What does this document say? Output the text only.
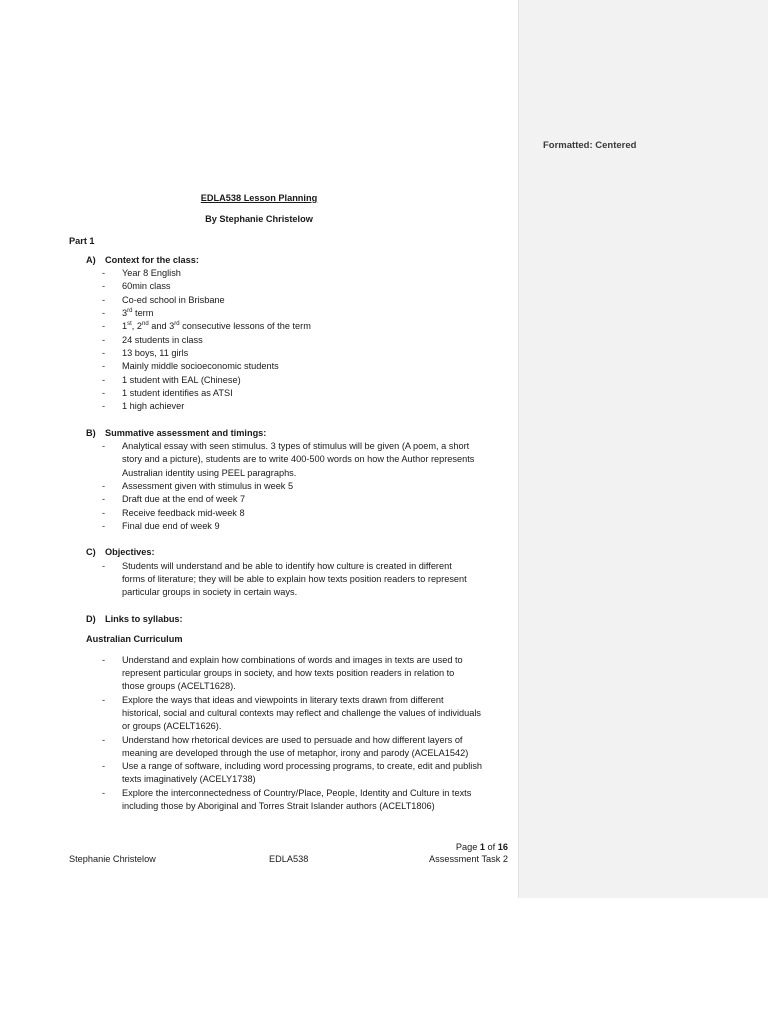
EDLA538 Lesson Planning
By Stephanie Christelow
Part 1
A) Context for the class:
- Year 8 English
- 60min class
- Co-ed school in Brisbane
- 3rd term
- 1st, 2nd and 3rd consecutive lessons of the term
- 24 students in class
- 13 boys, 11 girls
- Mainly middle socioeconomic students
- 1 student with EAL (Chinese)
- 1 student identifies as ATSI
- 1 high achiever
B) Summative assessment and timings:
- Analytical essay with seen stimulus. 3 types of stimulus will be given (A poem, a short
story and a picture), students are to write 400-500 words on how the Author represents
Australian identity using PEEL paragraphs.
- Assessment given with stimulus in week 5
- Draft due at the end of week 7
- Receive feedback mid-week 8
- Final due end of week 9
C) Objectives:
- Students will understand and be able to identify how culture is created in different
forms of literature; they will be able to explain how texts position readers to represent
particular groups in society in certain ways.
D) Links to syllabus:
Australian Curriculum
- Understand and explain how combinations of words and images in texts are used to
represent particular groups in society, and how texts position readers in relation to
those groups (ACELT1628).
- Explore the ways that ideas and viewpoints in literary texts drawn from different
historical, social and cultural contexts may reflect and challenge the values of individuals
or groups (ACELT1626).
- Understand how rhetorical devices are used to persuade and how different layers of
meaning are developed through the use of metaphor, irony and parody (ACELA1542)
- Use a range of software, including word processing programs, to create, edit and publish
texts imaginatively (ACELY1738)
- Explore the interconnectedness of Country/Place, People, Identity and Culture in texts
including those by Aboriginal and Torres Strait Islander authors (ACELT1806)
Page 1 of 16
Stephanie Christelow	EDLA538	Assessment Task 2
Formatted: Centered
